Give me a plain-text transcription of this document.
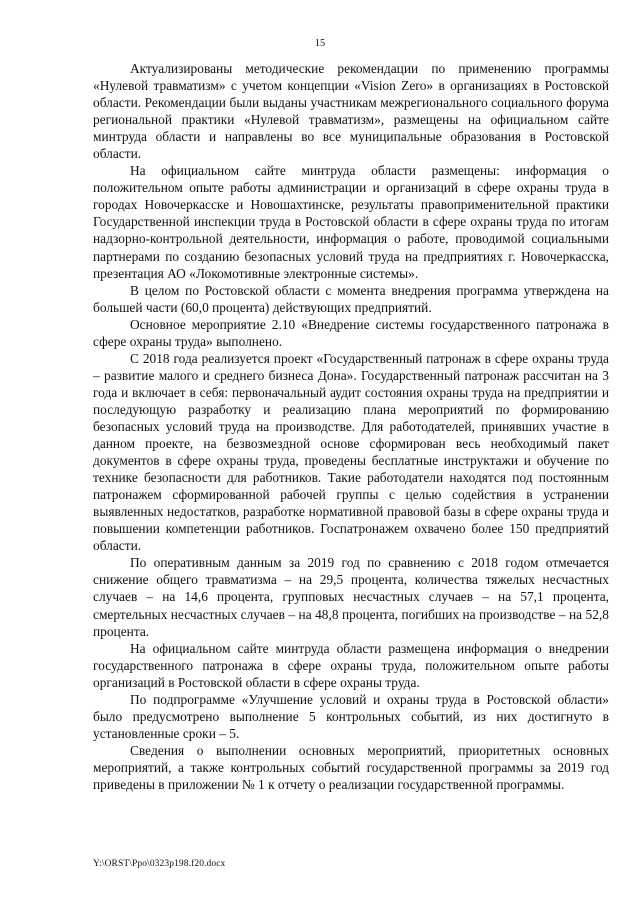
15

Актуализированы методические рекомендации по применению программы «Нулевой травматизм» с учетом концепции «Vision Zero» в организациях в Ростовской области. Рекомендации были выданы участникам межрегионального социального форума региональной практики «Нулевой травматизм», размещены на официальном сайте минтруда области и направлены во все муниципальные образования в Ростовской области.

На официальном сайте минтруда области размещены: информация о положительном опыте работы администрации и организаций в сфере охраны труда в городах Новочеркасске и Новошахтинске, результаты правоприменительной практики Государственной инспекции труда в Ростовской области в сфере охраны труда по итогам надзорно-контрольной деятельности, информация о работе, проводимой социальными партнерами по созданию безопасных условий труда на предприятиях г. Новочеркасска, презентация АО «Локомотивные электронные системы».

В целом по Ростовской области с момента внедрения программа утверждена на большей части (60,0 процента) действующих предприятий.

Основное мероприятие 2.10 «Внедрение системы государственного патронажа в сфере охраны труда» выполнено.

С 2018 года реализуется проект «Государственный патронаж в сфере охраны труда – развитие малого и среднего бизнеса Дона». Государственный патронаж рассчитан на 3 года и включает в себя: первоначальный аудит состояния охраны труда на предприятии и последующую разработку и реализацию плана мероприятий по формированию безопасных условий труда на производстве. Для работодателей, принявших участие в данном проекте, на безвозмездной основе сформирован весь необходимый пакет документов в сфере охраны труда, проведены бесплатные инструктажи и обучение по технике безопасности для работников. Такие работодатели находятся под постоянным патронажем сформированной рабочей группы с целью содействия в устранении выявленных недостатков, разработке нормативной правовой базы в сфере охраны труда и повышении компетенции работников. Госпатронажем охвачено более 150 предприятий области.

По оперативным данным за 2019 год по сравнению с 2018 годом отмечается снижение общего травматизма – на 29,5 процента, количества тяжелых несчастных случаев – на 14,6 процента, групповых несчастных случаев – на 57,1 процента, смертельных несчастных случаев – на 48,8 процента, погибших на производстве – на 52,8 процента.

На официальном сайте минтруда области размещена информация о внедрении государственного патронажа в сфере охраны труда, положительном опыте работы организаций в Ростовской области в сфере охраны труда.

По подпрограмме «Улучшение условий и охраны труда в Ростовской области» было предусмотрено выполнение 5 контрольных событий, из них достигнуто в установленные сроки – 5.

Сведения о выполнении основных мероприятий, приоритетных основных мероприятий, а также контрольных событий государственной программы за 2019 год приведены в приложении № 1 к отчету о реализации государственной программы.

Y:\ORST\Ppo\0323p198.f20.docx
